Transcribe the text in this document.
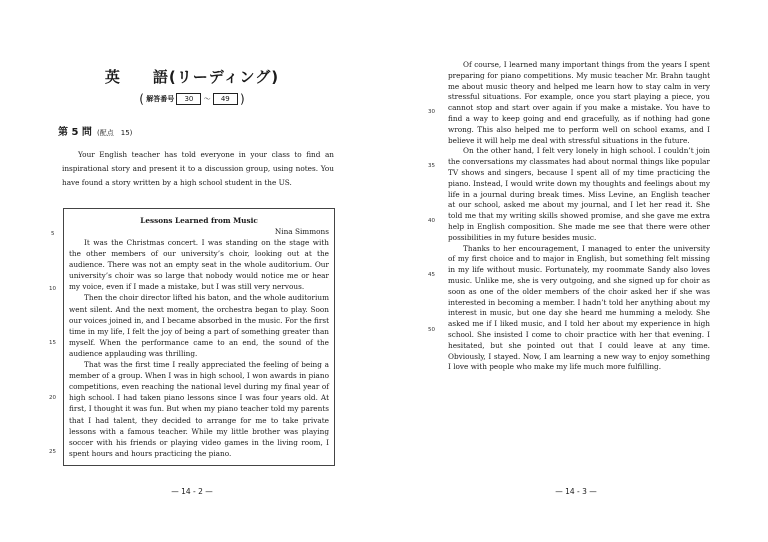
英　　語(リーディング)
( 解答番号 30 ～ 49 )
第 5 問 (配点　15)

Your English teacher has told everyone in your class to find an inspirational story and present it to a discussion group, using notes. You have found a story written by a high school student in the US.

Lessons Learned from Music
Nina Simmons

It was the Christmas concert. I was standing on the stage with the other members of our university’s choir, looking out at the audience. There was not an empty seat in the whole auditorium. Our university’s choir was so large that nobody would notice me or hear my voice, even if I made a mistake, but I was still very nervous.

Then the choir director lifted his baton, and the whole auditorium went silent. And the next moment, the orchestra began to play. Soon our voices joined in, and I became absorbed in the music. For the first time in my life, I felt the joy of being a part of something greater than myself. When the performance came to an end, the sound of the audience applauding was thrilling.

That was the first time I really appreciated the feeling of being a member of a group. When I was in high school, I won awards in piano competitions, even reaching the national level during my final year of high school. I had taken piano lessons since I was four years old. At first, I thought it was fun. But when my piano teacher told my parents that I had talent, they decided to arrange for me to take private lessons with a famous teacher. While my little brother was playing soccer with his friends or playing video games in the living room, I spent hours and hours practicing the piano.

5
10
15
20
25
— 14 - 2 —

Of course, I learned many important things from the years I spent preparing for piano competitions. My music teacher Mr. Brahn taught me about music theory and helped me learn how to stay calm in very stressful situations. For example, once you start playing a piece, you cannot stop and start over again if you make a mistake. You have to find a way to keep going and end gracefully, as if nothing had gone wrong. This also helped me to perform well on school exams, and I believe it will help me deal with stressful situations in the future.

On the other hand, I felt very lonely in high school. I couldn’t join the conversations my classmates had about normal things like popular TV shows and singers, because I spent all of my time practicing the piano. Instead, I would write down my thoughts and feelings about my life in a journal during break times. Miss Levine, an English teacher at our school, asked me about my journal, and I let her read it. She told me that my writing skills showed promise, and she gave me extra help in English composition. She made me see that there were other possibilities in my future besides music.

Thanks to her encouragement, I managed to enter the university of my first choice and to major in English, but something felt missing in my life without music. Fortunately, my roommate Sandy also loves music. Unlike me, she is very outgoing, and she signed up for choir as soon as one of the older members of the choir asked her if she was interested in becoming a member. I hadn’t told her anything about my interest in music, but one day she heard me humming a melody. She asked me if I liked music, and I told her about my experience in high school. She insisted I come to choir practice with her that evening. I hesitated, but she pointed out that I could leave at any time. Obviously, I stayed. Now, I am learning a new way to enjoy something I love with people who make my life much more fulfilling.

30
35
40
45
50
— 14 - 3 —
